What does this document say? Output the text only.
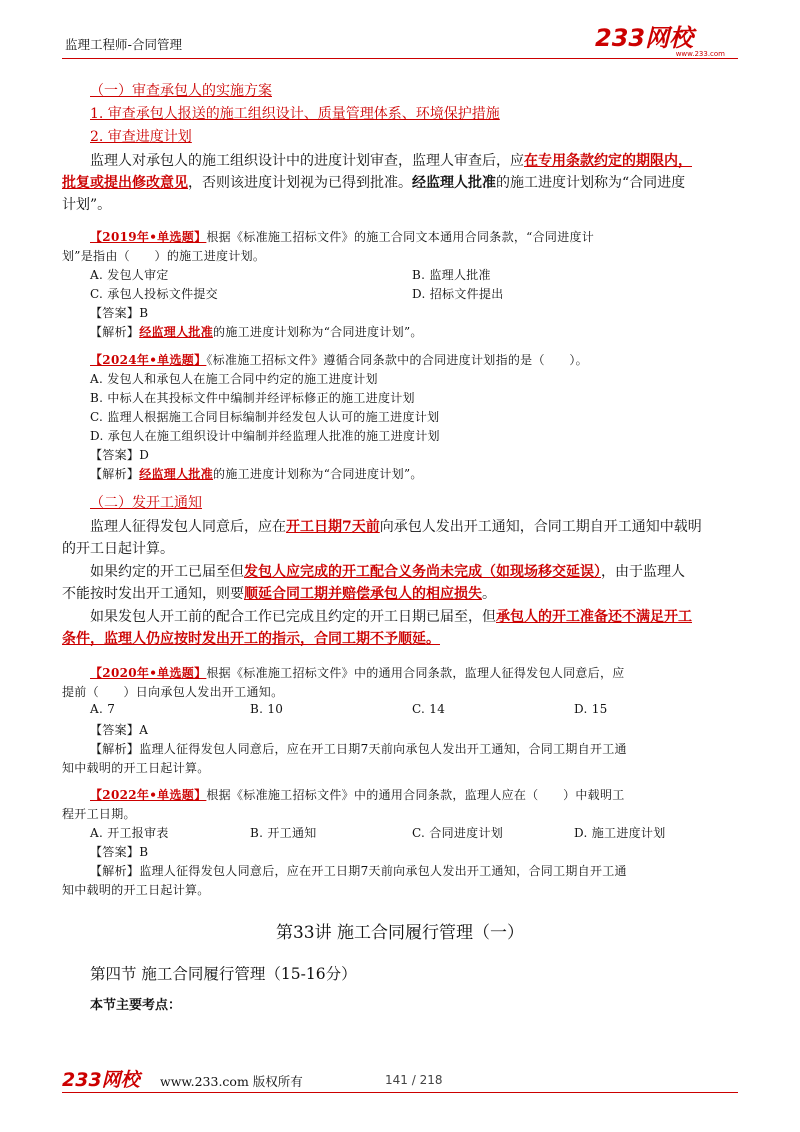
监理工程师-合同管理	233网校
www.233.com
（一）审查承包人的实施方案
1. 审查承包人报送的施工组织设计、质量管理体系、环境保护措施
2. 审查进度计划
监理人对承包人的施工组织设计中的进度计划审查，监理人审查后，应在专用条款约定的期限内，
批复或提出修改意见，否则该进度计划视为已得到批准。经监理人批准的施工进度计划称为“合同进度
计划”。
【2019年•单选题】根据《标准施工招标文件》的施工合同文本通用合同条款，“合同进度计
划”是指由（　　）的施工进度计划。
A. 发包人审定	B. 监理人批准
C. 承包人投标文件提交	D. 招标文件提出
【答案】B
【解析】经监理人批准的施工进度计划称为“合同进度计划”。
【2024年•单选题】《标准施工招标文件》遵循合同条款中的合同进度计划指的是（　　）。
A. 发包人和承包人在施工合同中约定的施工进度计划
B. 中标人在其投标文件中编制并经评标修正的施工进度计划
C. 监理人根据施工合同目标编制并经发包人认可的施工进度计划
D. 承包人在施工组织设计中编制并经监理人批准的施工进度计划
【答案】D
【解析】经监理人批准的施工进度计划称为“合同进度计划”。
（二）发开工通知
监理人征得发包人同意后，应在开工日期7天前向承包人发出开工通知，合同工期自开工通知中载明
的开工日起计算。
如果约定的开工已届至但发包人应完成的开工配合义务尚未完成（如现场移交延误），由于监理人
不能按时发出开工通知，则要顺延合同工期并赔偿承包人的相应损失。
如果发包人开工前的配合工作已完成且约定的开工日期已届至，但承包人的开工准备还不满足开工
条件，监理人仍应按时发出开工的指示，合同工期不予顺延。
【2020年•单选题】根据《标准施工招标文件》中的通用合同条款，监理人征得发包人同意后，应
提前（　　）日向承包人发出开工通知。
A. 7	B. 10	C. 14	D. 15
【答案】A
【解析】监理人征得发包人同意后，应在开工日期7天前向承包人发出开工通知，合同工期自开工通
知中载明的开工日起计算。
【2022年•单选题】根据《标准施工招标文件》中的通用合同条款，监理人应在（　　）中载明工
程开工日期。
A. 开工报审表	B. 开工通知	C. 合同进度计划	D. 施工进度计划
【答案】B
【解析】监理人征得发包人同意后，应在开工日期7天前向承包人发出开工通知，合同工期自开工通
知中载明的开工日起计算。
第33讲 施工合同履行管理（一）
第四节 施工合同履行管理（15-16分）
本节主要考点：
233网校 www.233.com 版权所有	141 / 218
